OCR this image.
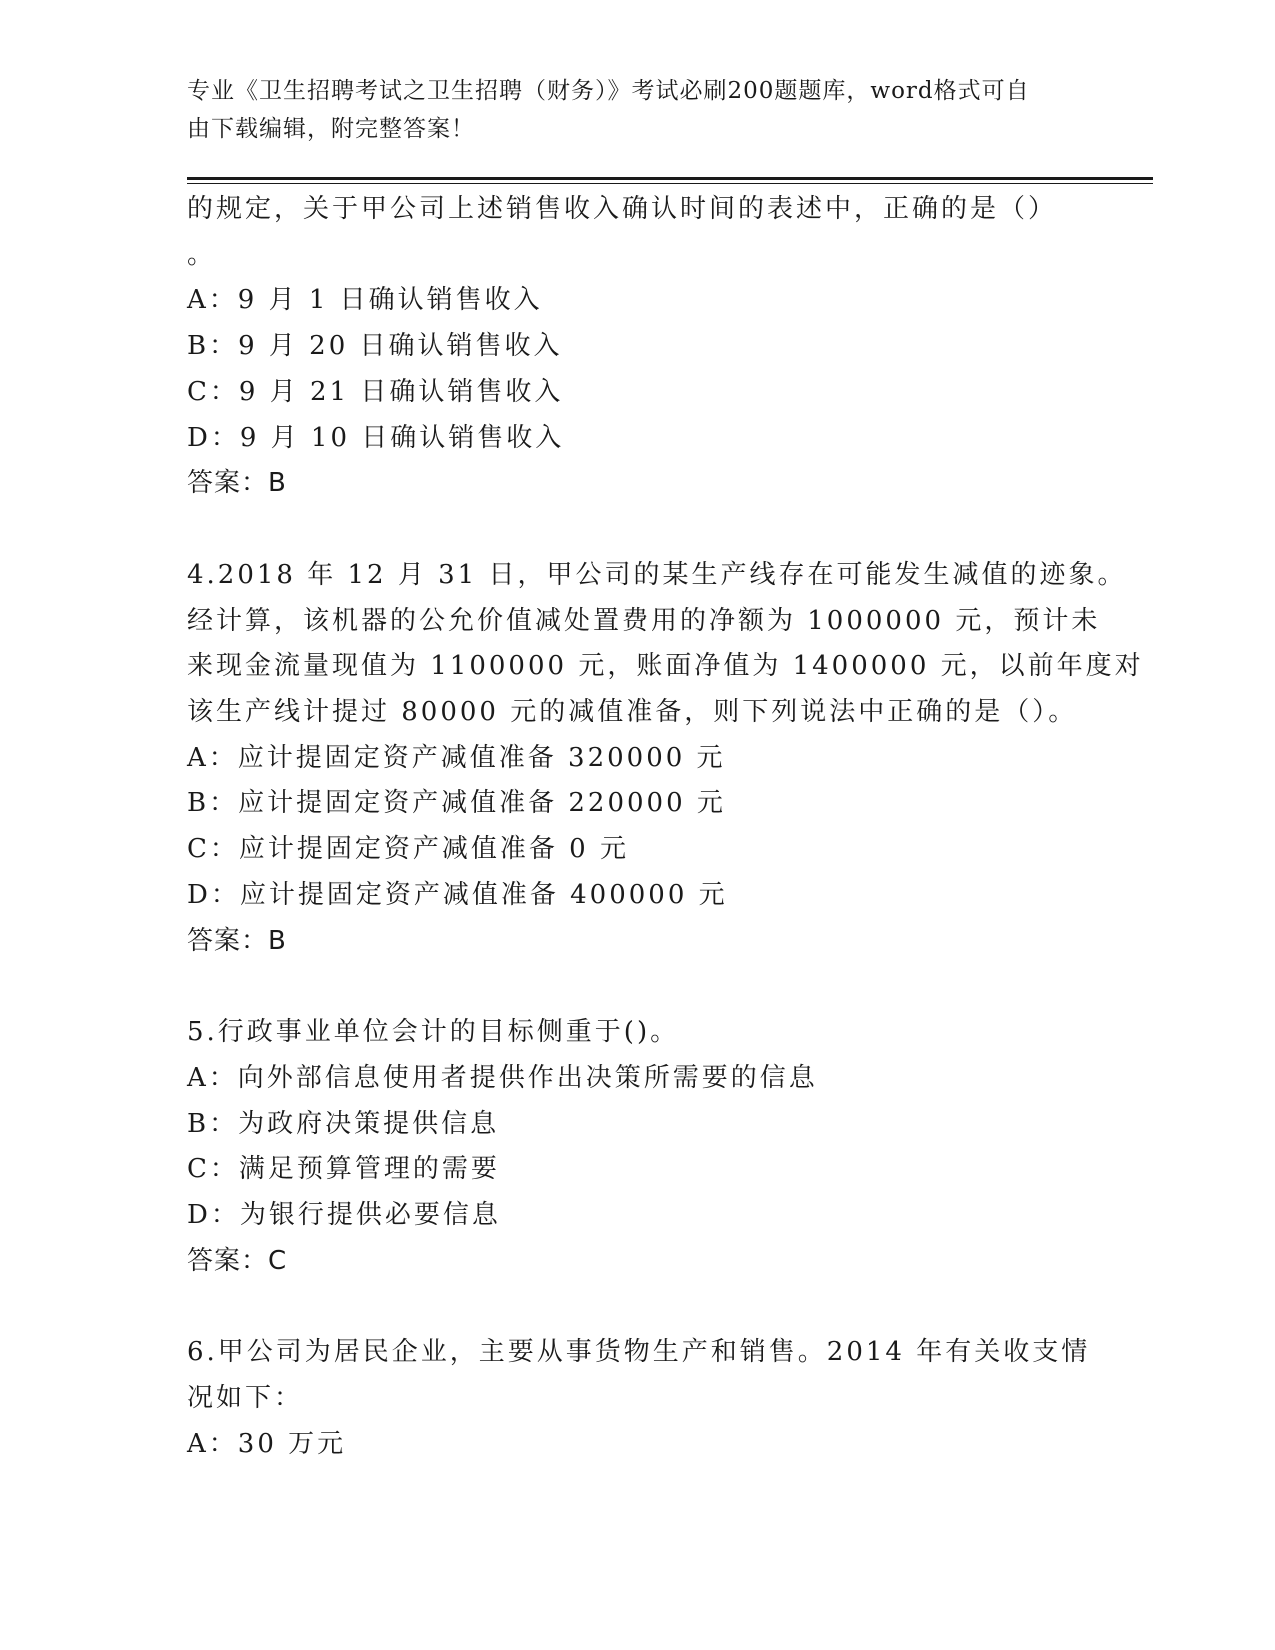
专业《卫生招聘考试之卫生招聘（财务）》考试必刷200题题库，word格式可自
由下载编辑，附完整答案！
的规定，关于甲公司上述销售收入确认时间的表述中，正确的是（）
。
A：9 月 1 日确认销售收入
B：9 月 20 日确认销售收入
C：9 月 21 日确认销售收入
D：9 月 10 日确认销售收入
答案：B
4.2018 年 12 月 31 日，甲公司的某生产线存在可能发生减值的迹象。
经计算，该机器的公允价值减处置费用的净额为 1000000 元，预计未
来现金流量现值为 1100000 元，账面净值为 1400000 元，以前年度对
该生产线计提过 80000 元的减值准备，则下列说法中正确的是（）。
A：应计提固定资产减值准备 320000 元
B：应计提固定资产减值准备 220000 元
C：应计提固定资产减值准备 0 元
D：应计提固定资产减值准备 400000 元
答案：B
5.行政事业单位会计的目标侧重于()。
A：向外部信息使用者提供作出决策所需要的信息
B：为政府决策提供信息
C：满足预算管理的需要
D：为银行提供必要信息
答案：C
6.甲公司为居民企业，主要从事货物生产和销售。2014 年有关收支情
况如下：
A：30 万元
